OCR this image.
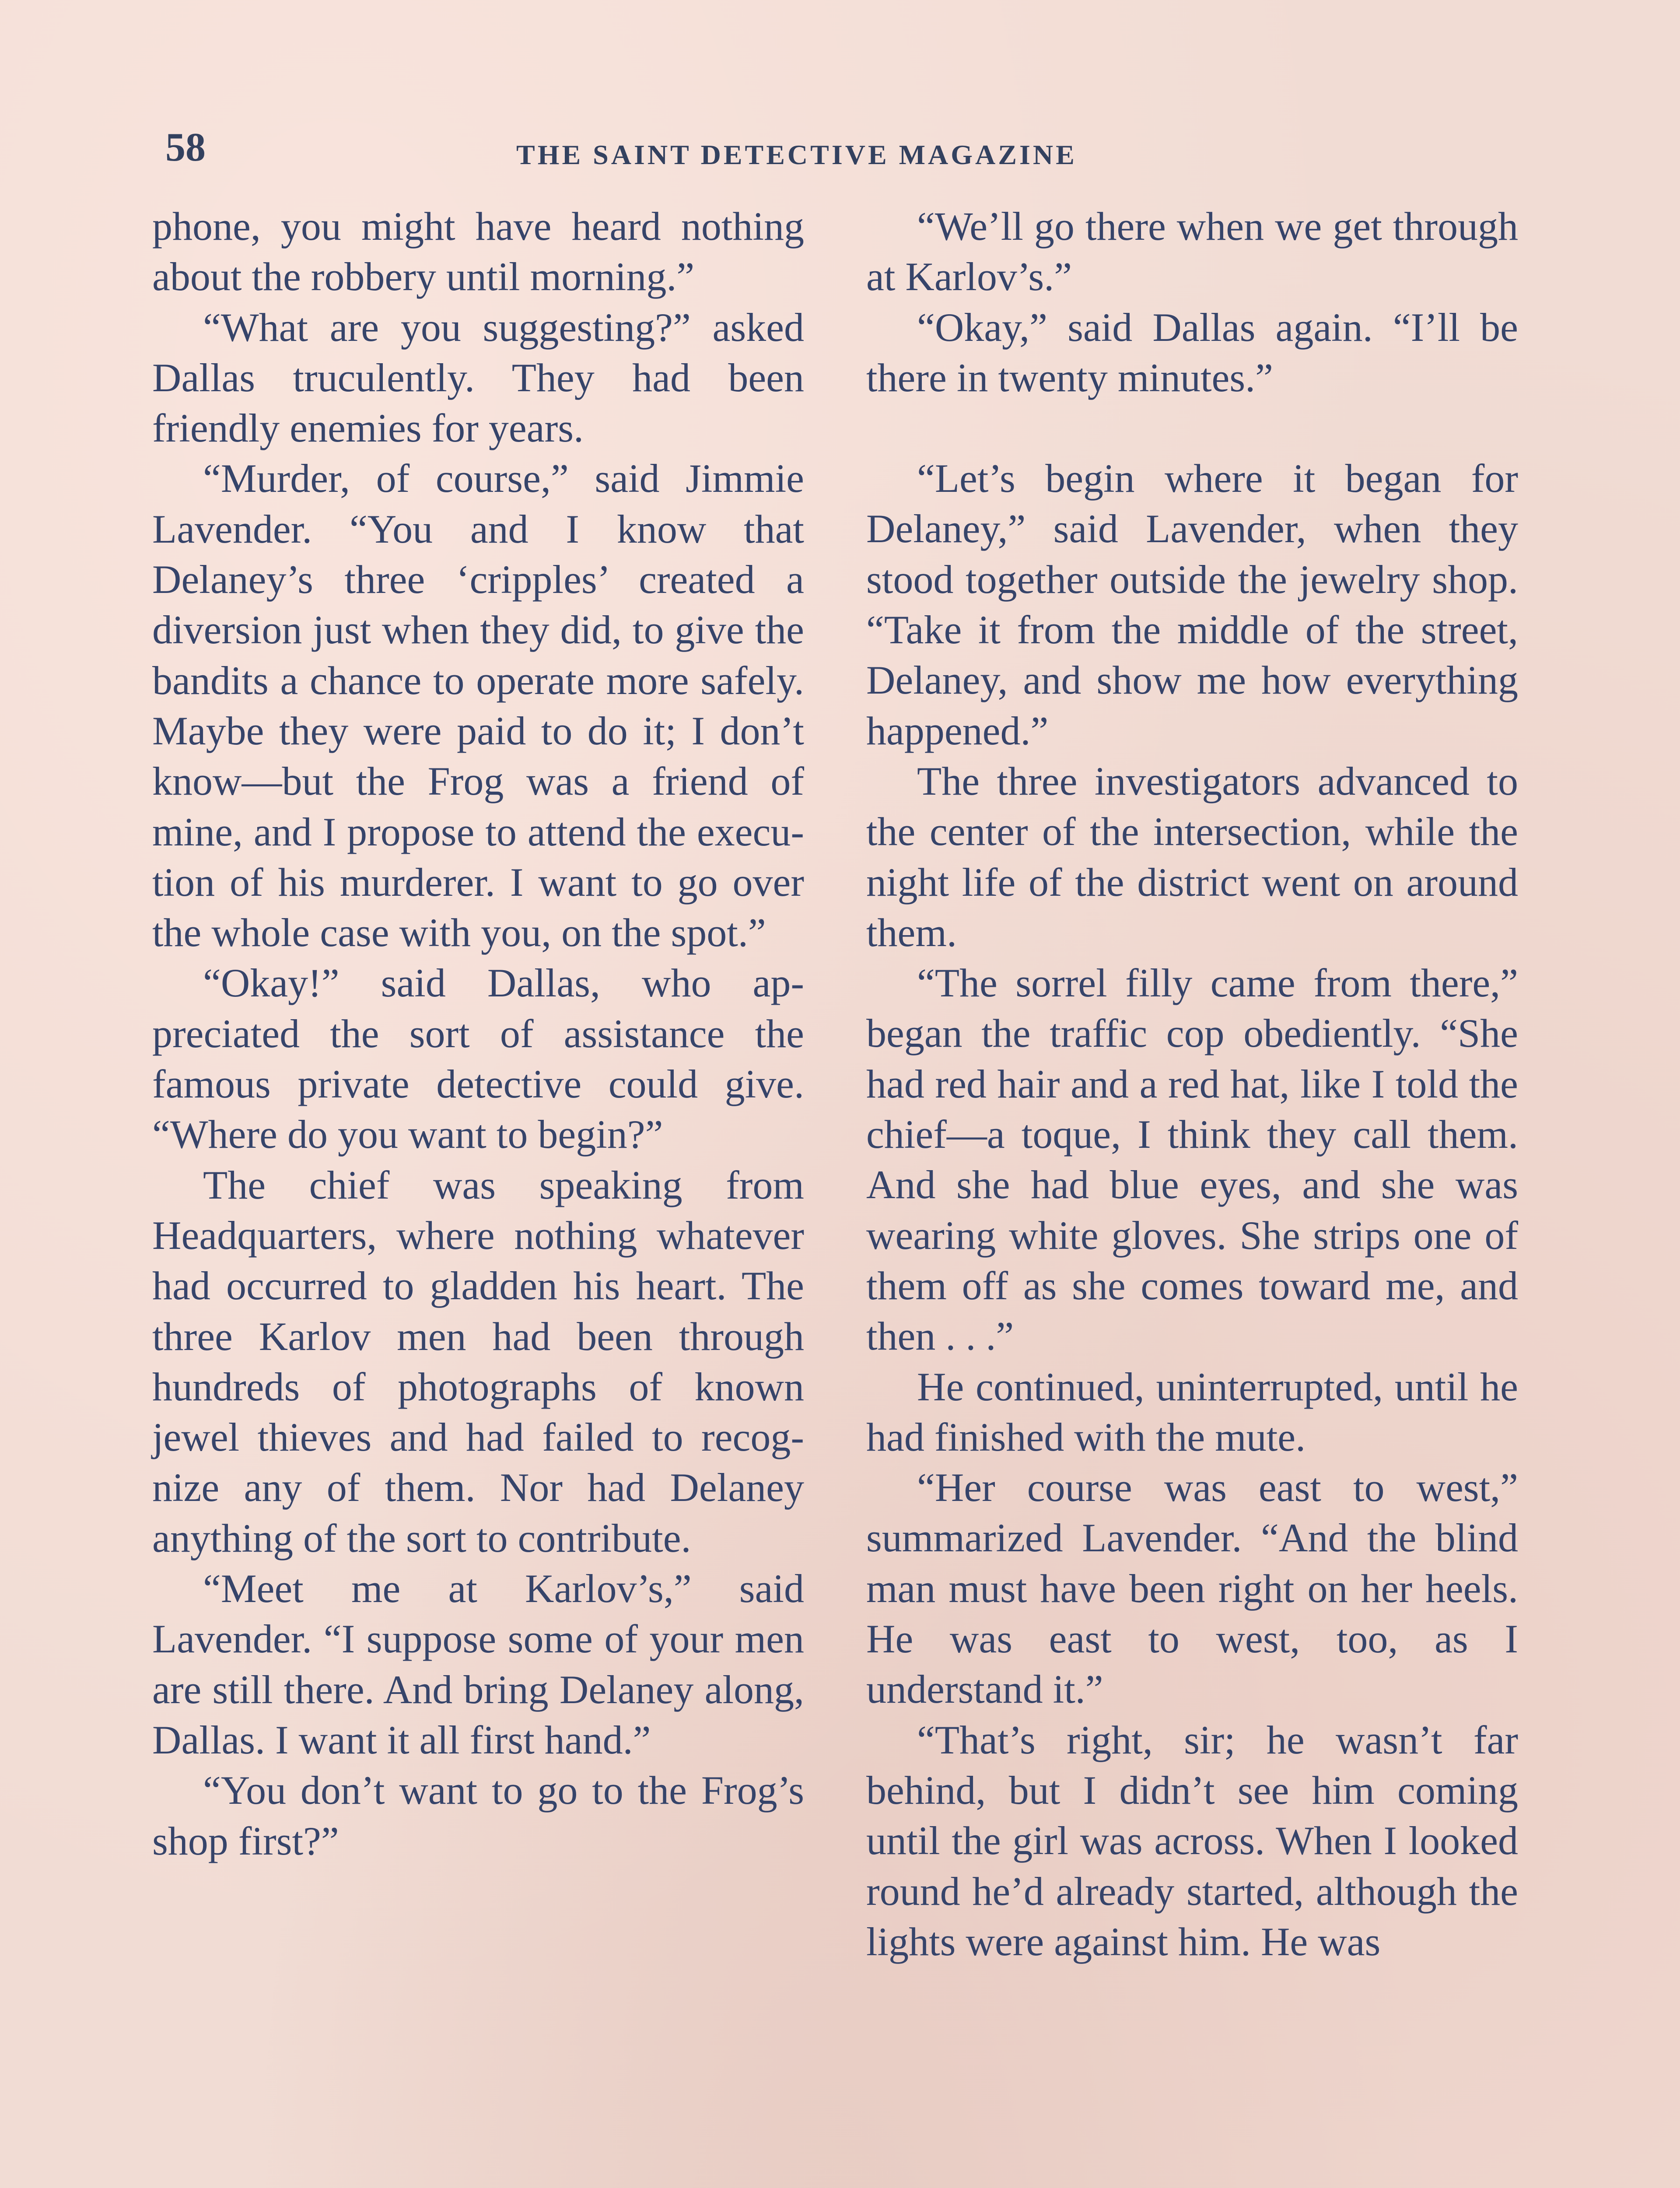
58	THE SAINT DETECTIVE MAGAZINE

phone, you might have heard nothing about the robbery until morning.”

“What are you suggesting?” asked Dallas truculently. They had been friendly enemies for years.

“Murder, of course,” said Jimmie Lavender. “You and I know that Delaney’s three ‘cripples’ created a diversion just when they did, to give the bandits a chance to operate more safely. Maybe they were paid to do it; I don’t know—but the Frog was a friend of mine, and I propose to attend the execution of his murderer. I want to go over the whole case with you, on the spot.”

“Okay!” said Dallas, who appreciated the sort of assistance the famous private detective could give. “Where do you want to begin?”

The chief was speaking from Headquarters, where nothing whatever had occurred to gladden his heart. The three Karlov men had been through hundreds of photographs of known jewel thieves and had failed to recognize any of them. Nor had Delaney anything of the sort to contribute.

“Meet me at Karlov’s,” said Lavender. “I suppose some of your men are still there. And bring Delaney along, Dallas. I want it all first hand.”

“You don’t want to go to the Frog’s shop first?”

“We’ll go there when we get through at Karlov’s.”

“Okay,” said Dallas again. “I’ll be there in twenty minutes.”

“Let’s begin where it began for Delaney,” said Lavender, when they stood together outside the jewelry shop. “Take it from the middle of the street, Delaney, and show me how everything happened.”

The three investigators advanced to the center of the intersection, while the night life of the district went on around them.

“The sorrel filly came from there,” began the traffic cop obediently. “She had red hair and a red hat, like I told the chief—a toque, I think they call them. And she had blue eyes, and she was wearing white gloves. She strips one of them off as she comes toward me, and then . . .”

He continued, uninterrupted, until he had finished with the mute.

“Her course was east to west,” summarized Lavender. “And the blind man must have been right on her heels. He was east to west, too, as I understand it.”

“That’s right, sir; he wasn’t far behind, but I didn’t see him coming until the girl was across. When I looked round he’d already started, although the lights were against him. He was
